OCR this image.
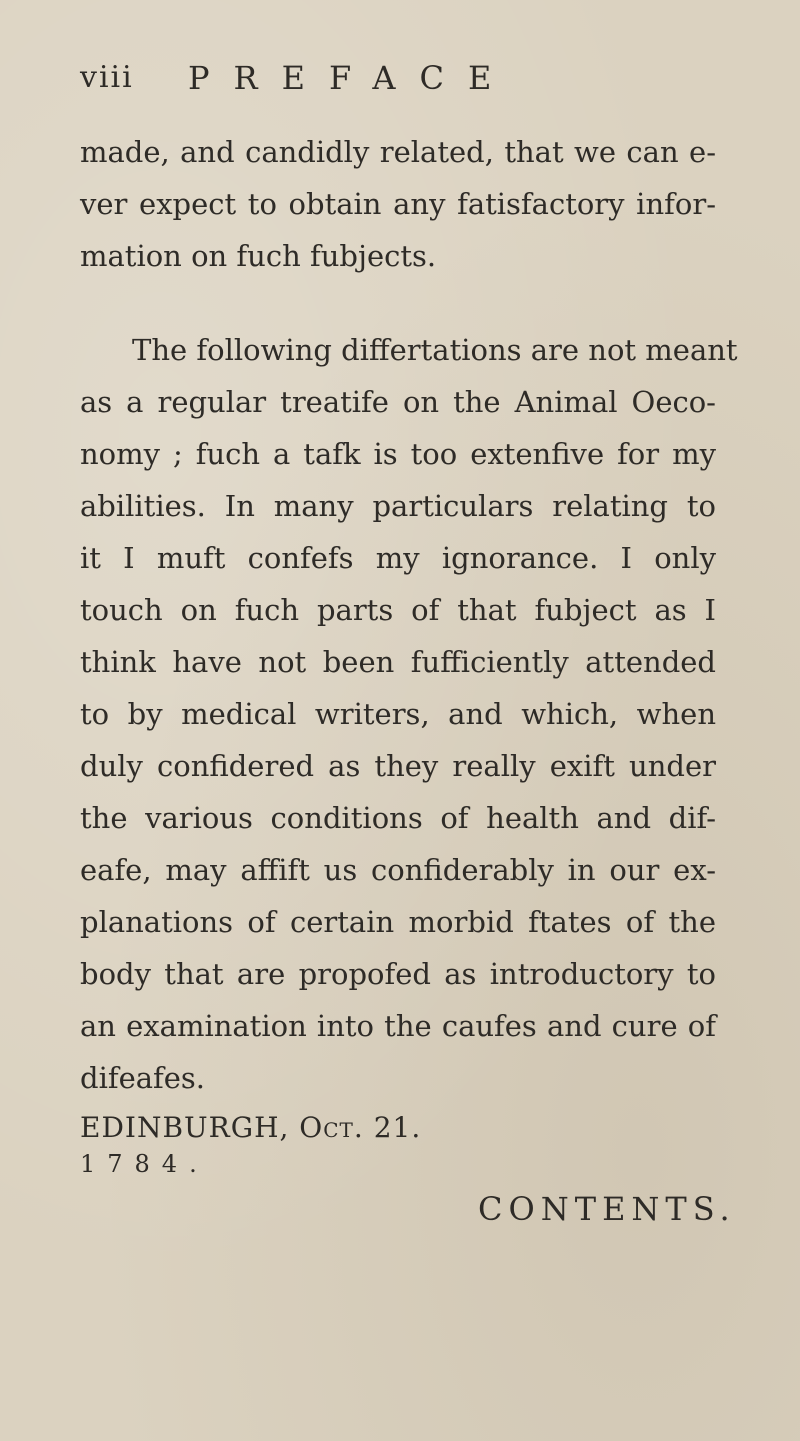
viii PREFACE
made, and candidly related, that we can e-
ver expect to obtain any fatisfactory infor-
mation on fuch fubjects.
The following differtations are not meant
as a regular treatife on the Animal Oeco-
nomy ; fuch a tafk is too extenfive for my
abilities. In many particulars relating to
it I muft confefs my ignorance. I only
touch on fuch parts of that fubject as I
think have not been fufficiently attended
to by medical writers, and which, when
duly confidered as they really exift under
the various conditions of health and dif-
eafe, may affift us confiderably in our ex-
planations of certain morbid ftates of the
body that are propofed as introductory to
an examination into the caufes and cure of
difeafes.
EDINBURGH, Oct. 21.
1784.
CONTENTS.
